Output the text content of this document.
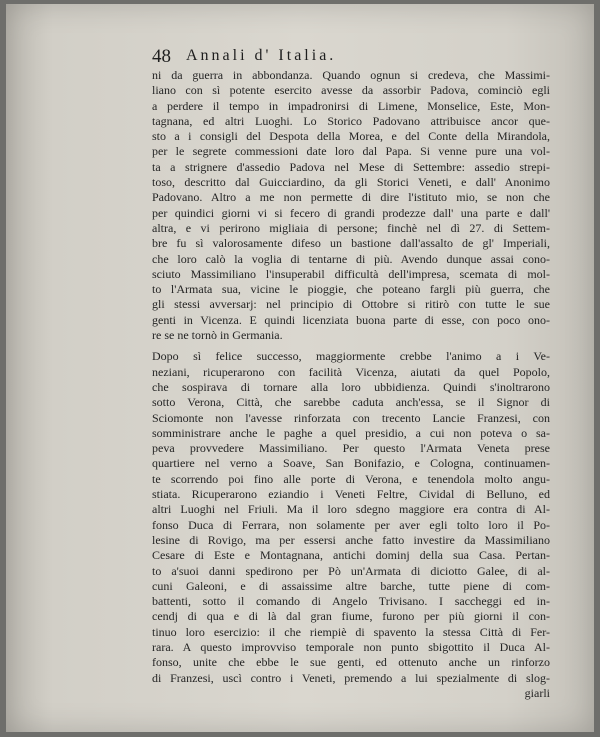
48 Annali d' Italia.
ni da guerra in abbondanza. Quando ognun si credeva, che Massimi-
liano con sì potente esercito avesse da assorbir Padova, cominciò egli
a perdere il tempo in impadronirsi di Limene, Monselice, Este, Mon-
tagnana, ed altri Luoghi. Lo Storico Padovano attribuisce ancor que-
sto a i consigli del Despota della Morea, e del Conte della Mirandola,
per le segrete commessioni date loro dal Papa. Si venne pure una vol-
ta a strignere d'assedio Padova nel Mese di Settembre: assedio strepi-
toso, descritto dal Guicciardino, da gli Storici Veneti, e dall' Anonimo
Padovano. Altro a me non permette di dire l'istituto mio, se non che
per quindici giorni vi si fecero di grandi prodezze dall' una parte e dall'
altra, e vi perirono migliaia di persone; finchè nel dì 27. di Settem-
bre fu sì valorosamente difeso un bastione dall'assalto de gl' Imperiali,
che loro calò la voglia di tentarne di più. Avendo dunque assai cono-
sciuto Massimiliano l'insuperabil difficultà dell'impresa, scemata di mol-
to l'Armata sua, vicine le pioggie, che poteano fargli più guerra, che
gli stessi avversarj: nel principio di Ottobre si ritirò con tutte le sue
genti in Vicenza. E quindi licenziata buona parte di esse, con poco ono-
re se ne tornò in Germania.
Dopo sì felice successo, maggiormente crebbe l'animo a i Ve-
neziani, ricuperarono con facilità Vicenza, aiutati da quel Popolo,
che sospirava di tornare alla loro ubbidienza. Quindi s'inoltrarono
sotto Verona, Città, che sarebbe caduta anch'essa, se il Signor di
Sciomonte non l'avesse rinforzata con trecento Lancie Franzesi, con
somministrare anche le paghe a quel presidio, a cui non poteva o sa-
peva provvedere Massimiliano. Per questo l'Armata Veneta prese
quartiere nel verno a Soave, San Bonifazio, e Cologna, continuamen-
te scorrendo poi fino alle porte di Verona, e tenendola molto angu-
stiata. Ricuperarono eziandio i Veneti Feltre, Cividal di Belluno, ed
altri Luoghi nel Friuli. Ma il loro sdegno maggiore era contra di Al-
fonso Duca di Ferrara, non solamente per aver egli tolto loro il Po-
lesine di Rovigo, ma per essersi anche fatto investire da Massimiliano
Cesare di Este e Montagnana, antichi dominj della sua Casa. Pertan-
to a'suoi danni spedirono per Pò un'Armata di diciotto Galee, di al-
cuni Galeoni, e di assaissime altre barche, tutte piene di com-
battenti, sotto il comando di Angelo Trivisano. I saccheggi ed in-
cendj di qua e di là dal gran fiume, furono per più giorni il con-
tinuo loro esercizio: il che riempiè di spavento la stessa Città di Fer-
rara. A questo improvviso temporale non punto sbigottito il Duca Al-
fonso, unite che ebbe le sue genti, ed ottenuto anche un rinforzo
di Franzesi, uscì contro i Veneti, premendo a lui spezialmente di slog-
giarli
